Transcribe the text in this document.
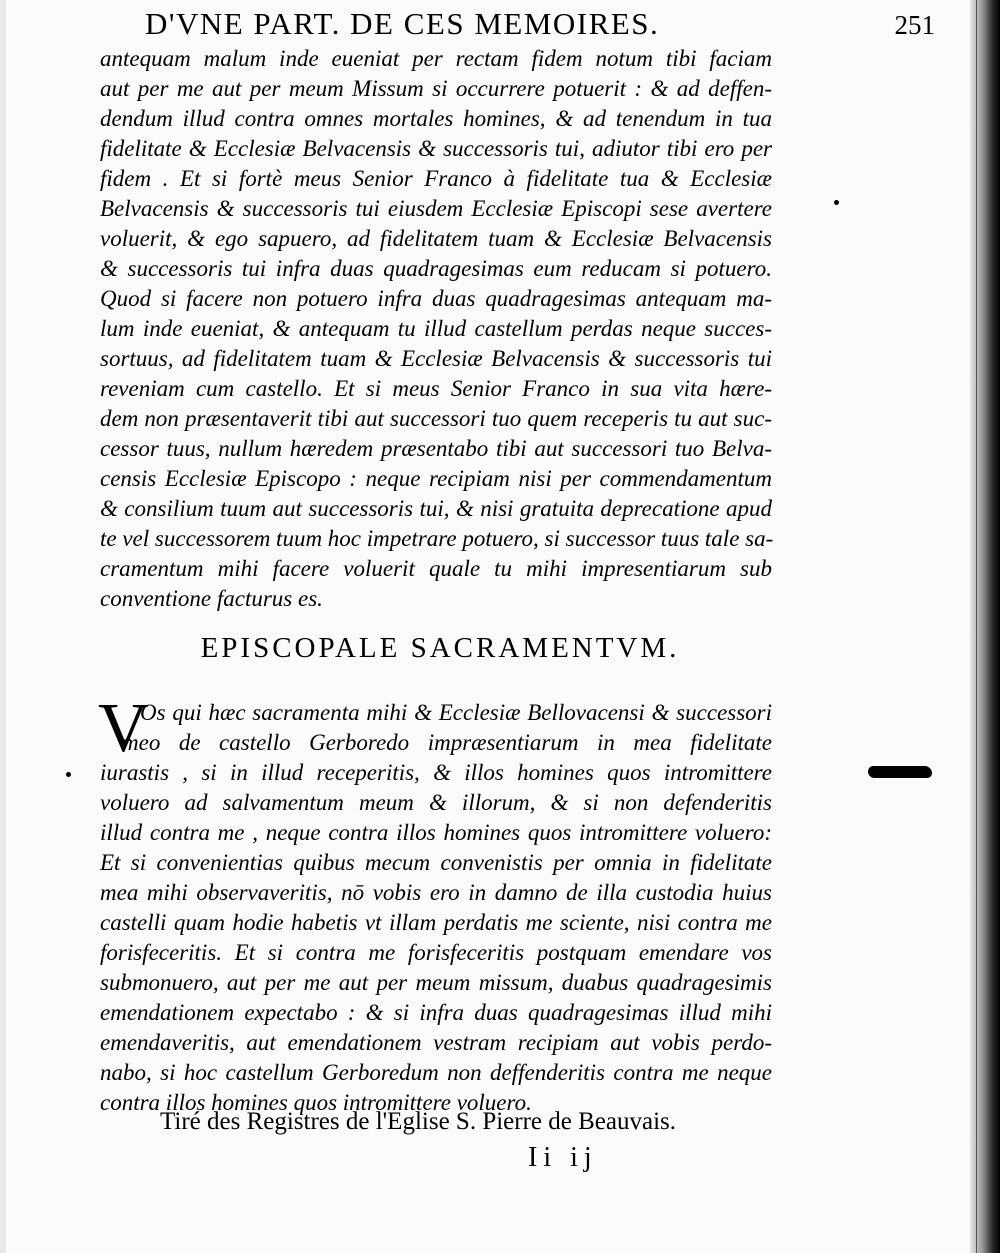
D'VNE PART. DE CES MEMOIRES.	251
antequam malum inde eueniat per rectam fidem notum tibi faciam
aut per me aut per meum Missum si occurrere potuerit : & ad deffen-
dendum illud contra omnes mortales homines, & ad tenendum in tua
fidelitate & Ecclesiæ Belvacensis & successoris tui, adiutor tibi ero per
fidem . Et si fortè meus Senior Franco à fidelitate tua & Ecclesiæ
Belvacensis & successoris tui eiusdem Ecclesiæ Episcopi sese avertere
voluerit, & ego sapuero, ad fidelitatem tuam & Ecclesiæ Belvacensis
& successoris tui infra duas quadragesimas eum reducam si potuero.
Quod si facere non potuero infra duas quadragesimas antequam ma-
lum inde eueniat, & antequam tu illud castellum perdas neque succes-
sortuus, ad fidelitatem tuam & Ecclesiæ Belvacensis & successoris tui
reveniam cum castello. Et si meus Senior Franco in sua vita hære-
dem non præsentaverit tibi aut successori tuo quem receperis tu aut suc-
cessor tuus, nullum hæredem præsentabo tibi aut successori tuo Belva-
censis Ecclesiæ Episcopo : neque recipiam nisi per commendamentum
& consilium tuum aut successoris tui, & nisi gratuita deprecatione apud
te vel successorem tuum hoc impetrare potuero, si successor tuus tale sa-
cramentum mihi facere voluerit quale tu mihi impresentiarum sub
conventione facturus es.
EPISCOPALE SACRAMENTVM.
V
Os qui hæc sacramenta mihi & Ecclesiæ Bellovacensi & successori
meo de castello Gerboredo impræsentiarum in mea fidelitate
iurastis , si in illud receperitis, & illos homines quos intromittere
voluero ad salvamentum meum & illorum, & si non defenderitis
illud contra me , neque contra illos homines quos intromittere voluero:
Et si convenientias quibus mecum convenistis per omnia in fidelitate
mea mihi observaveritis, nō vobis ero in damno de illa custodia huius
castelli quam hodie habetis vt illam perdatis me sciente, nisi contra me
forisfeceritis. Et si contra me forisfeceritis postquam emendare vos
submonuero, aut per me aut per meum missum, duabus quadragesimis
emendationem expectabo : & si infra duas quadragesimas illud mihi
emendaveritis, aut emendationem vestram recipiam aut vobis perdo-
nabo, si hoc castellum Gerboredum non deffenderitis contra me neque
contra illos homines quos intromittere voluero.
Tiré des Registres de l'Eglise S. Pierre de Beauvais.
Ii ij
